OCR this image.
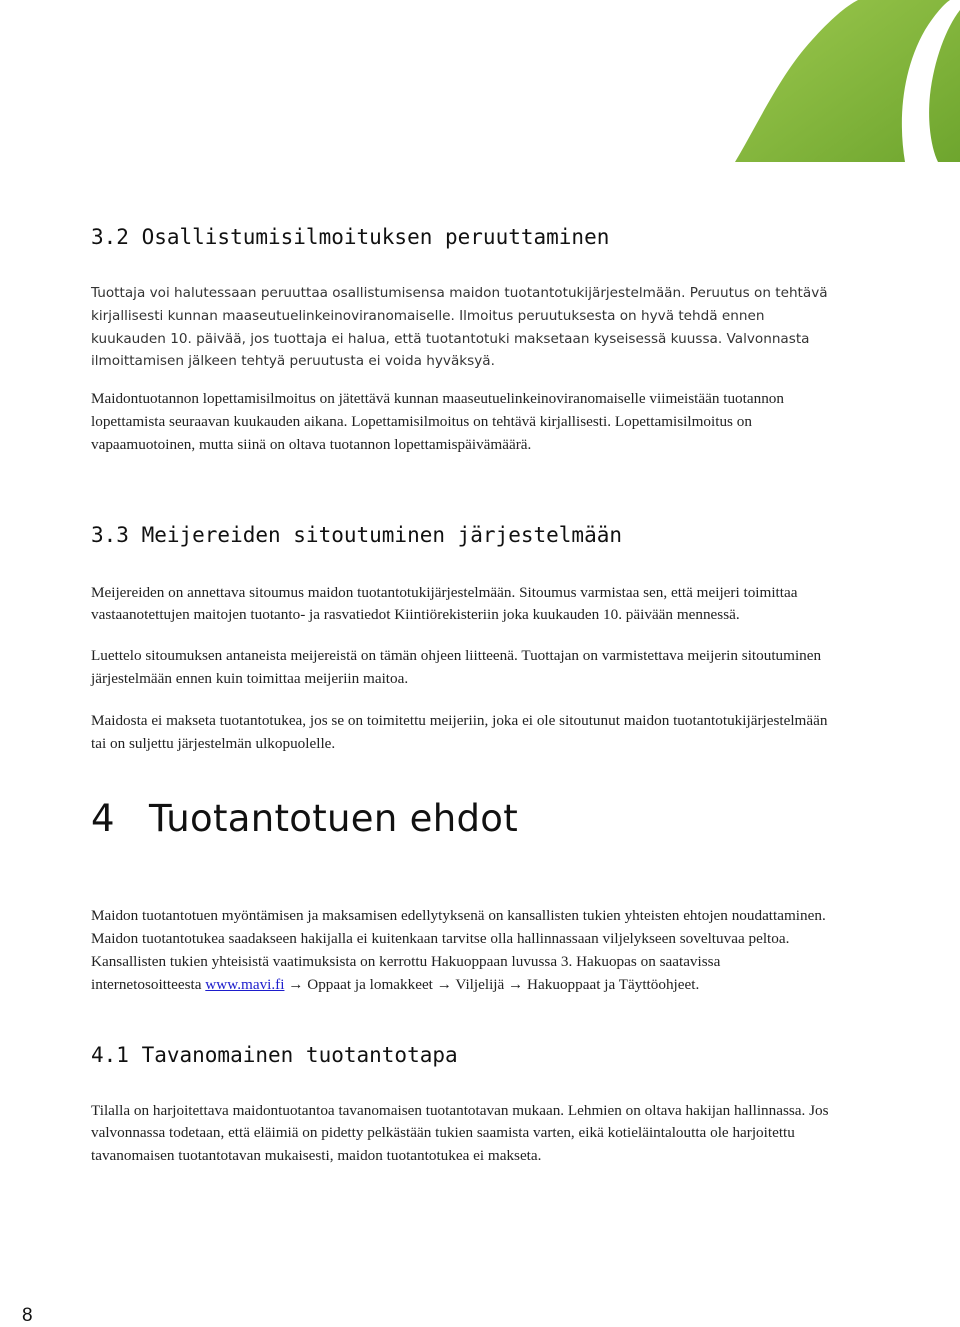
3.2 Osallistumisilmoituksen peruuttaminen

Tuottaja voi halutessaan peruuttaa osallistumisensa maidon tuotantotukijärjestelmään. Peruutus on tehtävä kirjallisesti kunnan maaseutuelinkeinoviranomaiselle. Ilmoitus peruutuksesta on hyvä tehdä ennen kuukauden 10. päivää, jos tuottaja ei halua, että tuotantotuki maksetaan kyseisessä kuussa. Valvonnasta ilmoittamisen jälkeen tehtyä peruutusta ei voida hyväksyä.

Maidontuotannon lopettamisilmoitus on jätettävä kunnan maaseutuelinkeinoviranomaiselle viimeistään tuotannon lopettamista seuraavan kuukauden aikana. Lopettamisilmoitus on tehtävä kirjallisesti. Lopettamisilmoitus on vapaamuotoinen, mutta siinä on oltava tuotannon lopettamispäivämäärä.

3.3 Meijereiden sitoutuminen järjestelmään

Meijereiden on annettava sitoumus maidon tuotantotukijärjestelmään. Sitoumus varmistaa sen, että meijeri toimittaa vastaanotettujen maitojen tuotanto- ja rasvatiedot Kiintiörekisteriin joka kuukauden 10. päivään mennessä.

Luettelo sitoumuksen antaneista meijereistä on tämän ohjeen liitteenä. Tuottajan on varmistettava meijerin sitoutuminen järjestelmään ennen kuin toimittaa meijeriin maitoa.

Maidosta ei makseta tuotantotukea, jos se on toimitettu meijeriin, joka ei ole sitoutunut maidon tuotantotukijärjestelmään tai on suljettu järjestelmän ulkopuolelle.

4 Tuotantotuen ehdot

Maidon tuotantotuen myöntämisen ja maksamisen edellytyksenä on kansallisten tukien yhteisten ehtojen noudattaminen. Maidon tuotantotukea saadakseen hakijalla ei kuitenkaan tarvitse olla hallinnassaan viljelykseen soveltuvaa peltoa. Kansallisten tukien yhteisistä vaatimuksista on kerrottu Hakuoppaan luvussa 3. Hakuopas on saatavissa internetosoitteesta www.mavi.fi → Oppaat ja lomakkeet → Viljelijä → Hakuoppaat ja Täyttöohjeet.

4.1 Tavanomainen tuotantotapa

Tilalla on harjoitettava maidontuotantoa tavanomaisen tuotantotavan mukaan. Lehmien on oltava hakijan hallinnassa. Jos valvonnassa todetaan, että eläimiä on pidetty pelkästään tukien saamista varten, eikä kotieläintaloutta ole harjoitettu tavanomaisen tuotantotavan mukaisesti, maidon tuotantotukea ei makseta.

8
